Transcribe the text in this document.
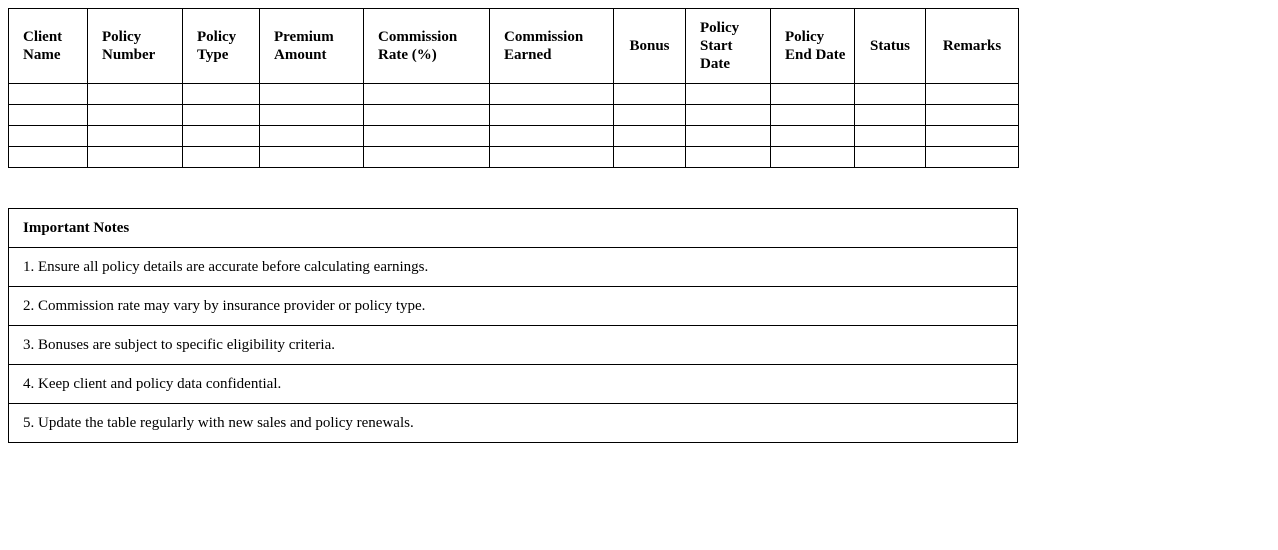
Client Name	Policy Number	Policy Type	Premium Amount	Commission Rate (%)	Commission Earned	Bonus	Policy Start Date	Policy End Date	Status	Remarks

Important Notes
1. Ensure all policy details are accurate before calculating earnings.
2. Commission rate may vary by insurance provider or policy type.
3. Bonuses are subject to specific eligibility criteria.
4. Keep client and policy data confidential.
5. Update the table regularly with new sales and policy renewals.
